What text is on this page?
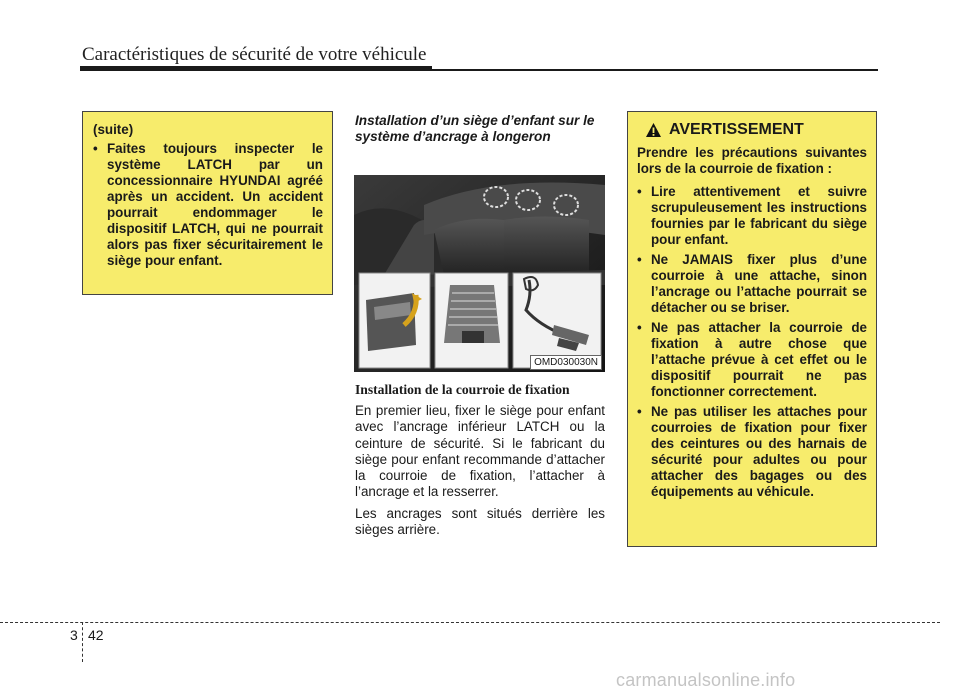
Caractéristiques de sécurité de votre véhicule
(suite)
• Faites toujours inspecter le système LATCH par un concessionnaire HYUNDAI agréé après un accident. Un accident pourrait endommager le dispositif LATCH, qui ne pourrait alors pas fixer sécuritairement le siège pour enfant.
Installation d’un siège d’enfant sur le système d’ancrage à longeron
OMD030030N
Installation de la courroie de fixation

En premier lieu, fixer le siège pour enfant avec l’ancrage inférieur LATCH ou la ceinture de sécurité. Si le fabricant du siège pour enfant recommande d’attacher la courroie de fixation, l’attacher à l’ancrage et la resserrer.

Les ancrages sont situés derrière les sièges arrière.

AVERTISSEMENT
Prendre les précautions suivantes lors de la courroie de fixation :
• Lire attentivement et suivre scrupuleusement les instructions fournies par le fabricant du siège pour enfant.
• Ne JAMAIS fixer plus d’une courroie à une attache, sinon l’ancrage ou l’attache pourrait se détacher ou se briser.
• Ne pas attacher la courroie de fixation à autre chose que l’attache prévue à cet effet ou le dispositif pourrait ne pas fonctionner correctement.
• Ne pas utiliser les attaches pour courroies de fixation pour fixer des ceintures ou des harnais de sécurité pour adultes ou pour attacher des bagages ou des équipements au véhicule.
3 42
carmanualsonline.info
